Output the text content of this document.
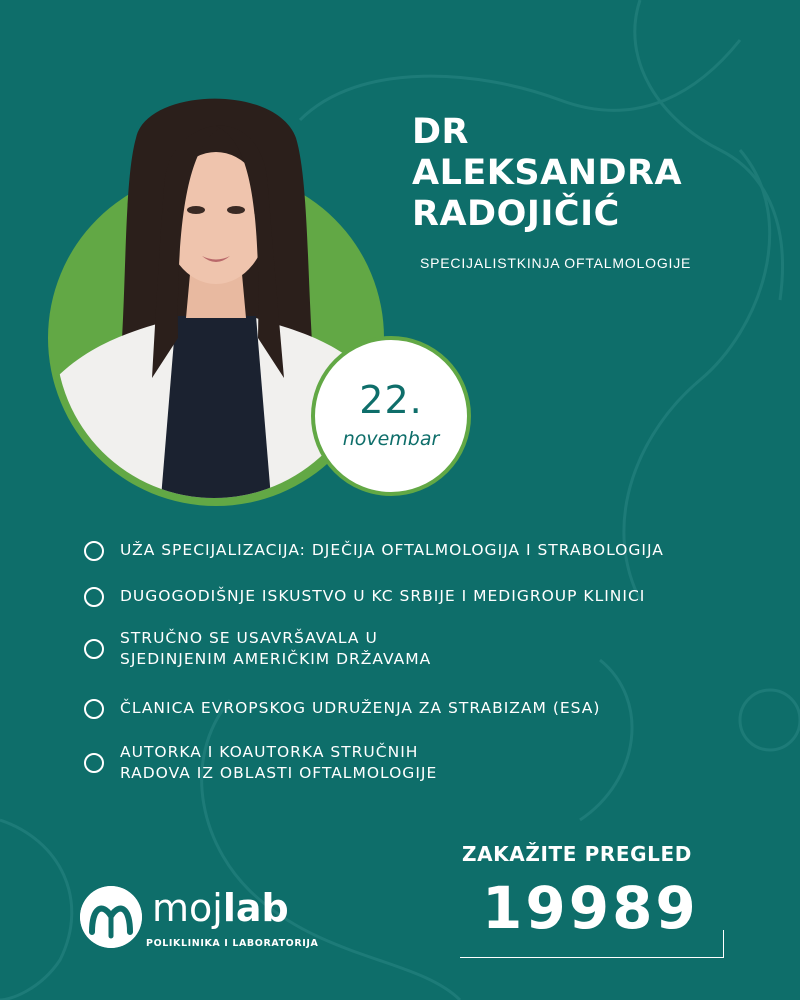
22.
novembar
DR
ALEKSANDRA
RADOJIČIĆ
SPECIJALISTKINJA OFTALMOLOGIJE
UŽA SPECIJALIZACIJA: DJEČIJA OFTALMOLOGIJA I STRABOLOGIJA
DUGOGODIŠNJE ISKUSTVO U KC SRBIJE I MEDIGROUP KLINICI
STRUČNO SE USAVRŠAVALA U
SJEDINJENIM AMERIČKIM DRŽAVAMA
ČLANICA EVROPSKOG UDRUŽENJA ZA STRABIZAM (ESA)
AUTORKA I KOAUTORKA STRUČNIH
RADOVA IZ OBLASTI OFTALMOLOGIJE
mojlab
POLIKLINIKA I LABORATORIJA
ZAKAŽITE PREGLED
19989
